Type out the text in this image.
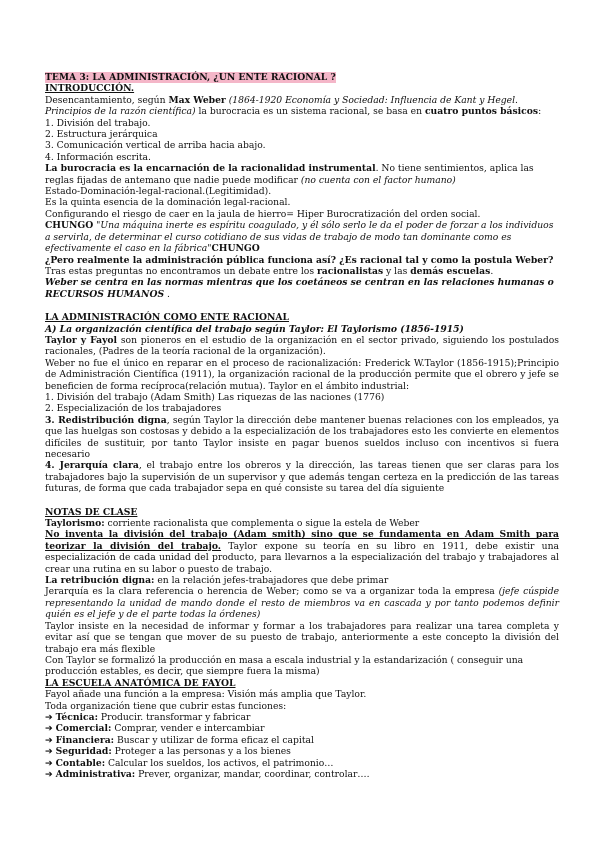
TEMA 3: LA ADMINISTRACIÓN, ¿UN ENTE RACIONAL ?

INTRODUCCIÓN.

Desencantamiento, según Max Weber (1864-1920 Economía y Sociedad: Influencia de Kant y Hegel. Principios de la razón científica) la burocracia es un sistema racional, se basa en cuatro puntos básicos:

1. División del trabajo.

2. Estructura jerárquica

3. Comunicación vertical de arriba hacia abajo.

4. Información escrita.

La burocracia es la encarnación de la racionalidad instrumental. No tiene sentimientos, aplica las reglas fijadas de antemano que nadie puede modificar (no cuenta con el factor humano)

Estado-Dominación-legal-racional.(Legitimidad).

Es la quinta esencia de la dominación legal-racional.

Configurando el riesgo de caer en la jaula de hierro= Hiper Burocratización del orden social.

CHUNGO "Una máquina inerte es espíritu coagulado, y él sólo serlo le da el poder de forzar a los individuos a servirla, de determinar el curso cotidiano de sus vidas de trabajo de modo tan dominante como es efectivamente el caso en la fábrica"CHUNGO

¿Pero realmente la administración pública funciona así? ¿Es racional tal y como la postula Weber?

Tras estas preguntas no encontramos un debate entre los racionalistas y las demás escuelas.

Weber se centra en las normas mientras que los coetáneos se centran en las relaciones humanas o RECURSOS HUMANOS .

LA ADMINISTRACIÓN COMO ENTE RACIONAL

A) La organización científica del trabajo según Taylor: El Taylorismo (1856-1915)

Taylor y Fayol son pioneros en el estudio de la organización en el sector privado, siguiendo los postulados racionales, (Padres de la teoría racional de la organización).

Weber no fue el único en reparar en el proceso de racionalización: Frederick W.Taylor (1856-1915);Principio de Administración Científica (1911), la organización racional de la producción permite que el obrero y jefe se beneficien de forma recíproca(relación mutua). Taylor en el ámbito industrial:

1. División del trabajo (Adam Smith) Las riquezas de las naciones (1776)

2. Especialización de los trabajadores

3. Redistribución digna, según Taylor la dirección debe mantener buenas relaciones con los empleados, ya que las huelgas son costosas y debido a la especialización de los trabajadores esto les convierte en elementos difíciles de sustituir, por tanto Taylor insiste en pagar buenos sueldos incluso con incentivos si fuera necesario

4. Jerarquía clara, el trabajo entre los obreros y la dirección, las tareas tienen que ser claras para los trabajadores bajo la supervisión de un supervisor y que además tengan certeza en la predicción de las tareas futuras, de forma que cada trabajador sepa en qué consiste su tarea del día siguiente

NOTAS DE CLASE

Taylorismo: corriente racionalista que complementa o sigue la estela de Weber

No inventa la división del trabajo (Adam smith) sino que se fundamenta en Adam Smith para teorizar la división del trabajo. Taylor expone su teoría en su libro en 1911, debe existir una especialización de cada unidad del producto, para llevarnos a la especialización del trabajo y trabajadores al crear una rutina en su labor o puesto de trabajo.

La retribución digna: en la relación jefes-trabajadores que debe primar

Jerarquía es la clara referencia o herencia de Weber; como se va a organizar toda la empresa (jefe cúspide representando la unidad de mando donde el resto de miembros va en cascada y por tanto podemos definir quién es el jefe y de el parte todas la órdenes)

Taylor insiste en la necesidad de informar y formar a los trabajadores para realizar una tarea completa y evitar así que se tengan que mover de su puesto de trabajo, anteriormente a este concepto la división del trabajo era más flexible

Con Taylor se formalizó la producción en masa a escala industrial y la estandarización ( conseguir una producción estables, es decir, que siempre fuera la misma)

LA ESCUELA ANATÓMICA DE FAYOL

Fayol añade una función a la empresa: Visión más amplia que Taylor.

Toda organización tiene que cubrir estas funciones:

➔ Técnica: Producir. transformar y fabricar

➔ Comercial: Comprar, vender e intercambiar

➔ Financiera: Buscar y utilizar de forma eficaz el capital

➔ Seguridad: Proteger a las personas y a los bienes

➔ Contable: Calcular los sueldos, los activos, el patrimonio…

➔ Administrativa: Prever, organizar, mandar, coordinar, controlar….
